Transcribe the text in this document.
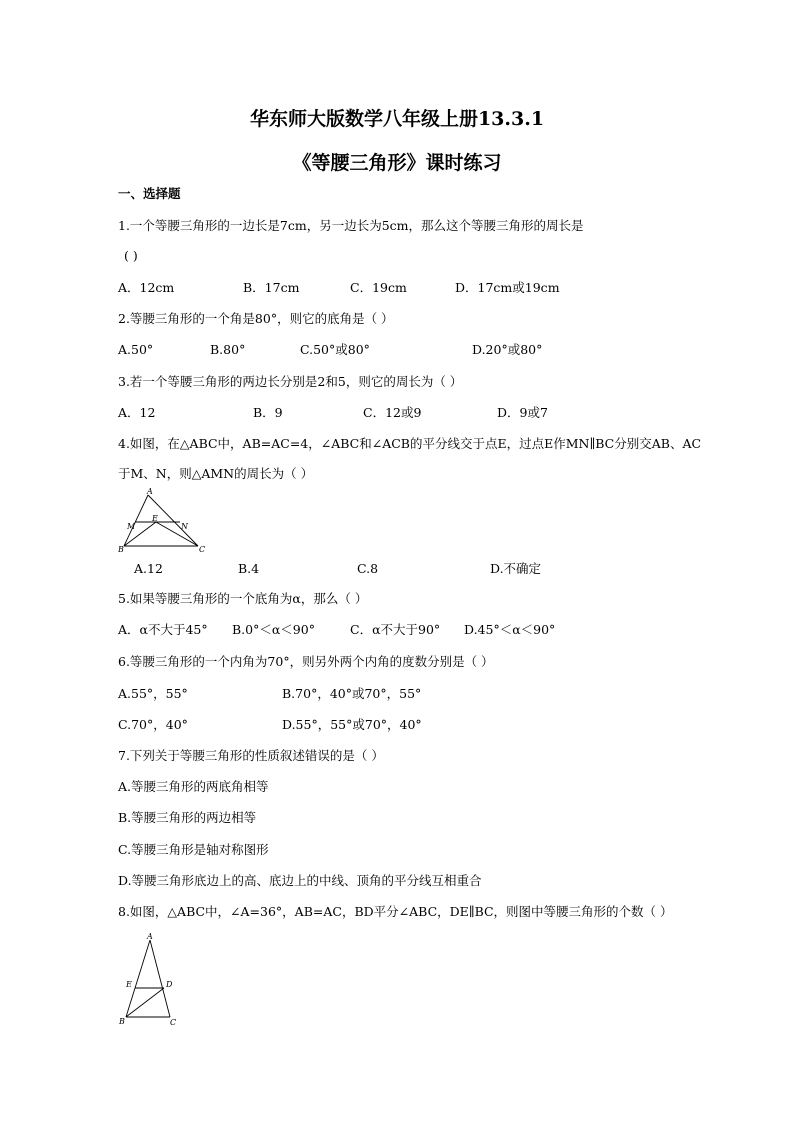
华东师大版数学八年级上册13.3.1
《等腰三角形》课时练习
一、选择题
1.一个等腰三角形的一边长是7cm，另一边长为5cm，那么这个等腰三角形的周长是
( )
A．12cm	B．17cm	C．19cm	D．17cm或19cm
2.等腰三角形的一个角是80°，则它的底角是（ ）
A.50°	B.80°	C.50°或80°	D.20°或80°
3.若一个等腰三角形的两边长分别是2和5，则它的周长为（ ）
A．12	B．9	C．12或9	D．9或7
4.如图，在△ABC中，AB=AC=4，∠ABC和∠ACB的平分线交于点E，过点E作MN∥BC分别交AB、AC
于M、N，则△AMN的周长为（ ）
A
M
E
N
B	C
A.12	B.4	C.8	D.不确定
5.如果等腰三角形的一个底角为α，那么（ ）
A．α不大于45° B.0°＜α＜90°	C．α不大于90° D.45°＜α＜90°
6.等腰三角形的一个内角为70°，则另外两个内角的度数分别是（ ）
A.55°，55°	B.70°，40°或70°，55°
C.70°，40°	D.55°，55°或70°，40°
7.下列关于等腰三角形的性质叙述错误的是（ ）
A.等腰三角形的两底角相等
B.等腰三角形的两边相等
C.等腰三角形是轴对称图形
D.等腰三角形底边上的高、底边上的中线、顶角的平分线互相重合
8.如图，△ABC中，∠A=36°，AB=AC，BD平分∠ABC，DE∥BC，则图中等腰三角形的个数（ ）
A
E	D
B	C
